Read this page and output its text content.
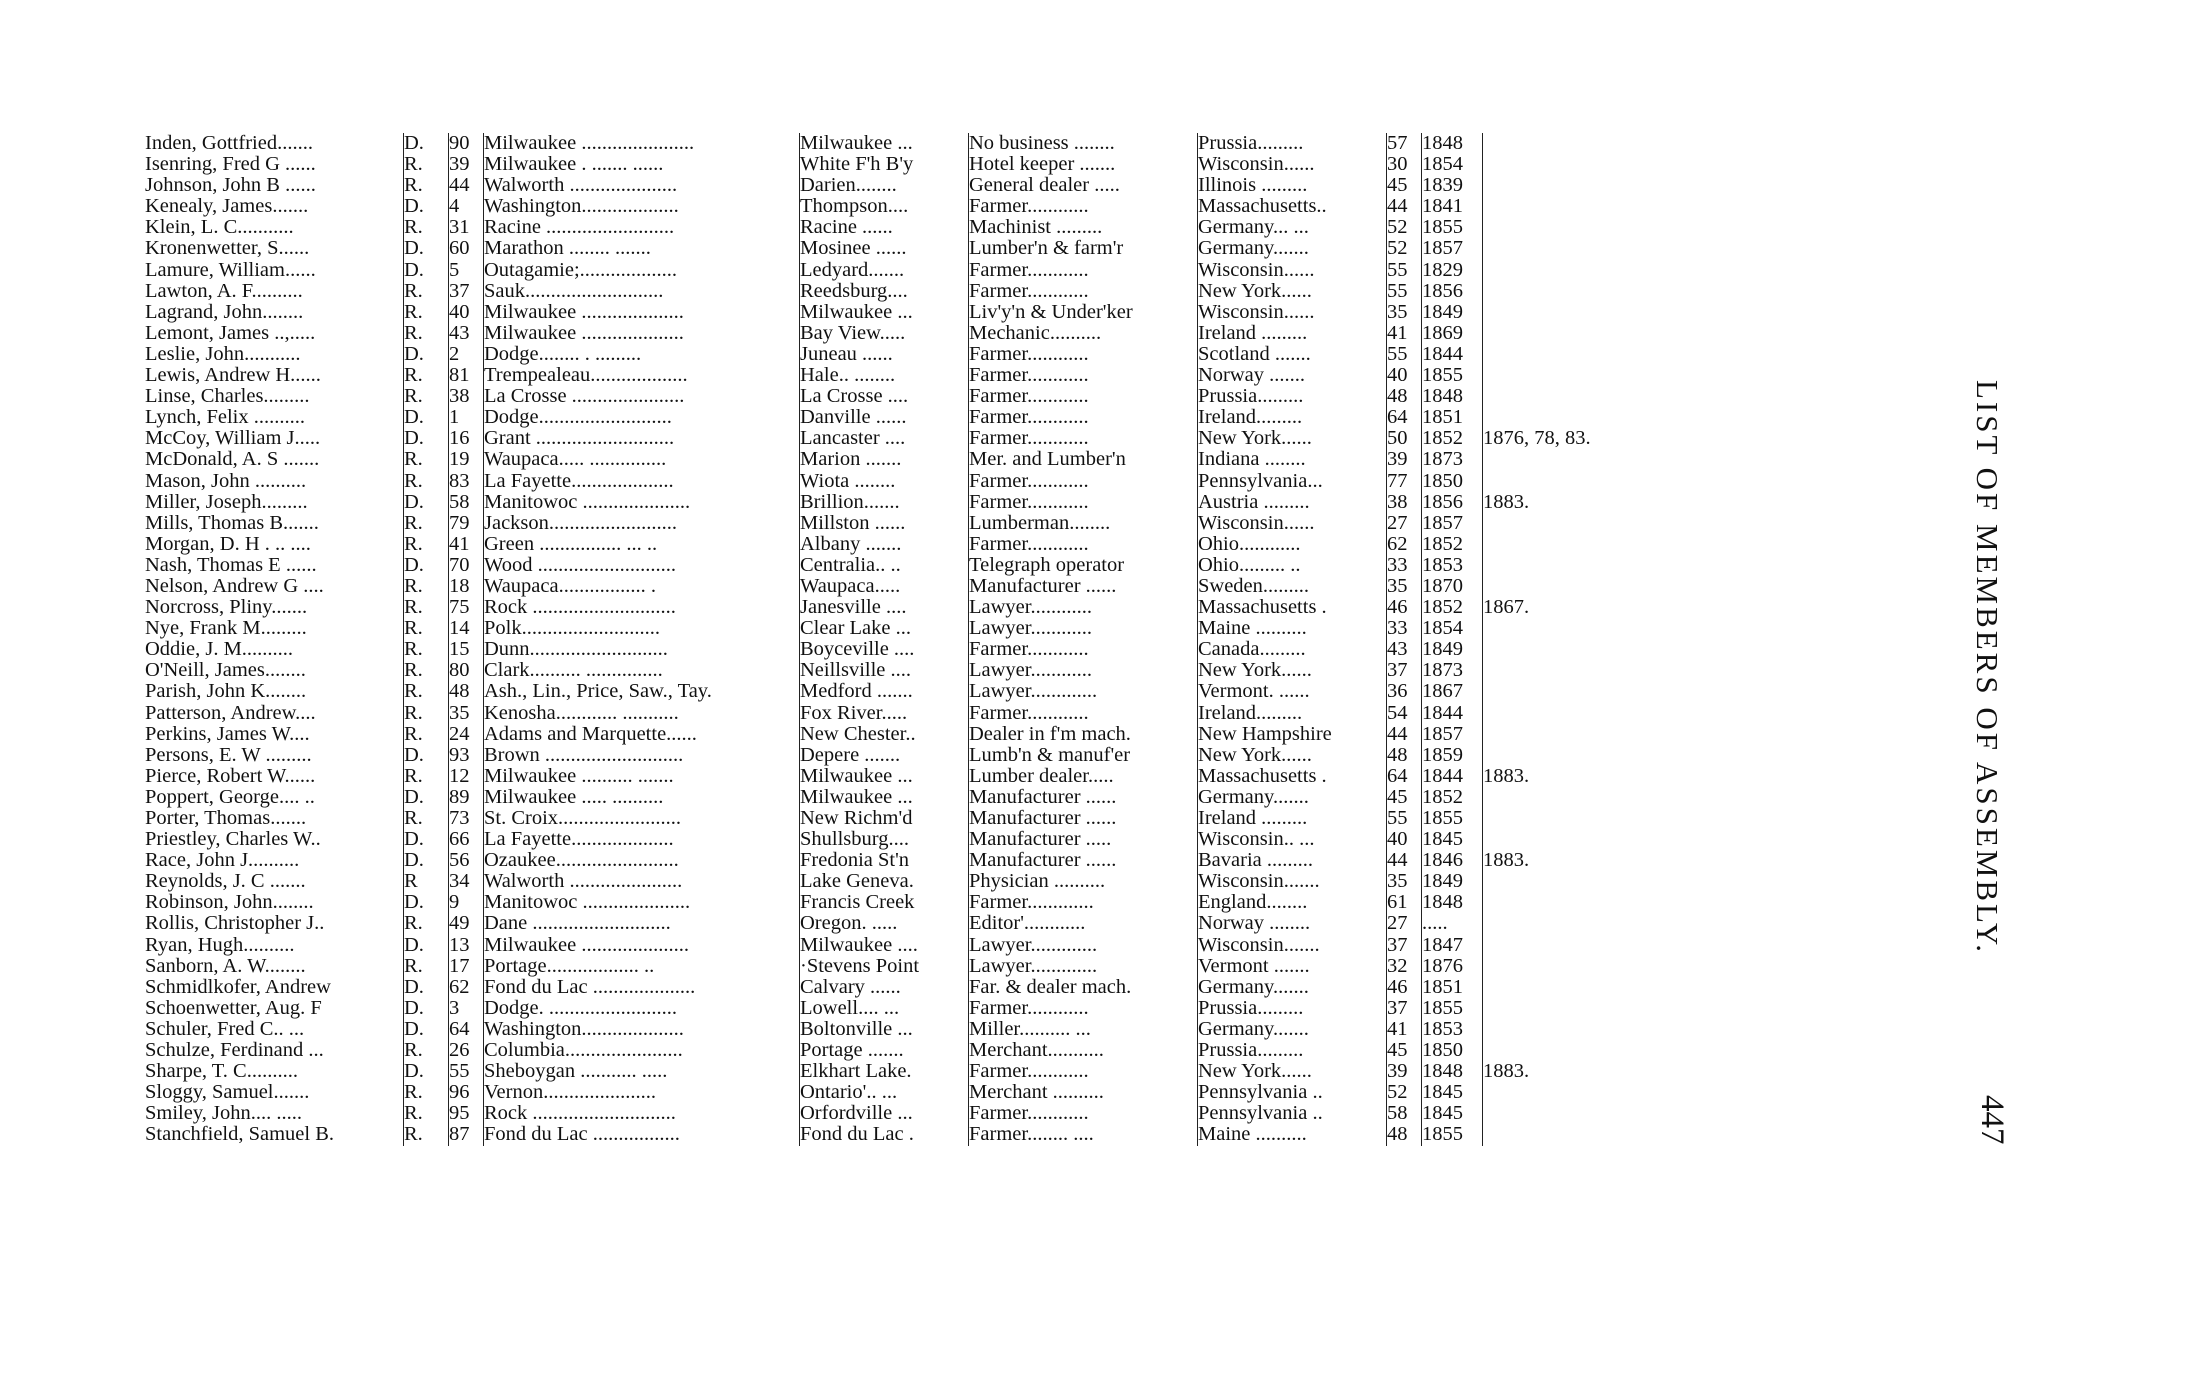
Inden, Gottfried.......	D.	90	Milwaukee ......................	Milwaukee ...	No business ........	Prussia.........	57	1848	
Isenring, Fred G ......	R.	39	Milwaukee . ....... ......	White F'h B'y	Hotel keeper .......	Wisconsin......	30	1854	
Johnson, John B ......	R.	44	Walworth .....................	Darien........	General dealer .....	Illinois .........	45	1839	
Kenealy, James.......	D.	4	Washington...................	Thompson....	Farmer............	Massachusetts..	44	1841	
Klein, L. C...........	R.	31	Racine .........................	Racine ......	Machinist .........	Germany... ...	52	1855	
Kronenwetter, S......	D.	60	Marathon ........ .......	Mosinee ......	Lumber'n & farm'r	Germany.......	52	1857	
Lamure, William......	D.	5	Outagamie;...................	Ledyard.......	Farmer............	Wisconsin......	55	1829	
Lawton, A. F..........	R.	37	Sauk...........................	Reedsburg....	Farmer............	New York......	55	1856	
Lagrand, John........	R.	40	Milwaukee ....................	Milwaukee ...	Liv'y'n & Under'ker	Wisconsin......	35	1849	
Lemont, James ..,.....	R.	43	Milwaukee ....................	Bay View.....	Mechanic..........	Ireland .........	41	1869	
Leslie, John...........	D.	2	Dodge........ . .........	Juneau ......	Farmer............	Scotland .......	55	1844	
Lewis, Andrew H......	R.	81	Trempealeau...................	Hale.. ........	Farmer............	Norway .......	40	1855	
Linse, Charles.........	R.	38	La Crosse ......................	La Crosse ....	Farmer............	Prussia.........	48	1848	
Lynch, Felix ..........	D.	1	Dodge..........................	Danville ......	Farmer............	Ireland.........	64	1851	
McCoy, William J.....	D.	16	Grant ...........................	Lancaster ....	Farmer............	New York......	50	1852	1876, 78, 83.
McDonald, A. S .......	R.	19	Waupaca..... ...............	Marion .......	Mer. and Lumber'n	Indiana ........	39	1873	
Mason, John ..........	R.	83	La Fayette....................	Wiota ........	Farmer............	Pennsylvania...	77	1850	
Miller, Joseph.........	D.	58	Manitowoc .....................	Brillion.......	Farmer............	Austria .........	38	1856	1883.
Mills, Thomas B.......	R.	79	Jackson.........................	Millston ......	Lumberman........	Wisconsin......	27	1857	
Morgan, D. H . .. ....	R.	41	Green ................ ... ..	Albany .......	Farmer............	Ohio............	62	1852	
Nash, Thomas E ......	D.	70	Wood ...........................	Centralia.. ..	Telegraph operator	Ohio......... ..	33	1853	
Nelson, Andrew G ....	R.	18	Waupaca................. .	Waupaca.....	Manufacturer ......	Sweden.........	35	1870	
Norcross, Pliny.......	R.	75	Rock ............................	Janesville ....	Lawyer............	Massachusetts .	46	1852	1867.
Nye, Frank M.........	R.	14	Polk...........................	Clear Lake ...	Lawyer............	Maine ..........	33	1854	
Oddie, J. M..........	R.	15	Dunn...........................	Boyceville ....	Farmer............	Canada.........	43	1849	
O'Neill, James........	R.	80	Clark.......... ...............	Neillsville ....	Lawyer............	New York......	37	1873	
Parish, John K........	R.	48	Ash., Lin., Price, Saw., Tay.	Medford .......	Lawyer.............	Vermont. ......	36	1867	
Patterson, Andrew....	R.	35	Kenosha............ ...........	Fox River.....	Farmer............	Ireland.........	54	1844	
Perkins, James W....	R.	24	Adams and Marquette......	New Chester..	Dealer in f'm mach.	New Hampshire	44	1857	
Persons, E. W .........	D.	93	Brown ...........................	Depere .......	Lumb'n & manuf'er	New York......	48	1859	
Pierce, Robert W......	R.	12	Milwaukee .......... .......	Milwaukee ...	Lumber dealer.....	Massachusetts .	64	1844	1883.
Poppert, George.... ..	D.	89	Milwaukee ..... ..........	Milwaukee ...	Manufacturer ......	Germany.......	45	1852	
Porter, Thomas.......	R.	73	St. Croix........................	New Richm'd	Manufacturer ......	Ireland .........	55	1855	
Priestley, Charles W..	D.	66	La Fayette....................	Shullsburg....	Manufacturer .....	Wisconsin.. ...	40	1845	
Race, John J..........	D.	56	Ozaukee........................	Fredonia St'n	Manufacturer ......	Bavaria .........	44	1846	1883.
Reynolds, J. C .......	R	34	Walworth ......................	Lake Geneva.	Physician ..........	Wisconsin.......	35	1849	
Robinson, John........	D.	9	Manitowoc .....................	Francis Creek	Farmer.............	England........	61	1848	
Rollis, Christopher J..	R.	49	Dane ...........................	Oregon. .....	Editor'............	Norway ........	27	.....	
Ryan, Hugh..........	D.	13	Milwaukee .....................	Milwaukee ....	Lawyer.............	Wisconsin.......	37	1847	
Sanborn, A. W........	R.	17	Portage.................. ..	·Stevens Point	Lawyer.............	Vermont .......	32	1876	
Schmidlkofer, Andrew	D.	62	Fond du Lac ....................	Calvary ......	Far. & dealer mach.	Germany.......	46	1851	
Schoenwetter, Aug. F	D.	3	Dodge. .........................	Lowell.... ...	Farmer............	Prussia.........	37	1855	
Schuler, Fred C.. ...	D.	64	Washington....................	Boltonville ...	Miller.......... ...	Germany.......	41	1853	
Schulze, Ferdinand ...	R.	26	Columbia.......................	Portage .......	Merchant...........	Prussia.........	45	1850	
Sharpe, T. C..........	D.	55	Sheboygan ........... .....	Elkhart Lake.	Farmer............	New York......	39	1848	1883.
Sloggy, Samuel.......	R.	96	Vernon......................	Ontario'.. ...	Merchant ..........	Pennsylvania ..	52	1845	
Smiley, John.... .....	R.	95	Rock ............................	Orfordville ...	Farmer............	Pennsylvania ..	58	1845	
Stanchfield, Samuel B.	R.	87	Fond du Lac .................	Fond du Lac .	Farmer........ ....	Maine ..........	48	1855	
LIST OF MEMBERS OF ASSEMBLY.
447
